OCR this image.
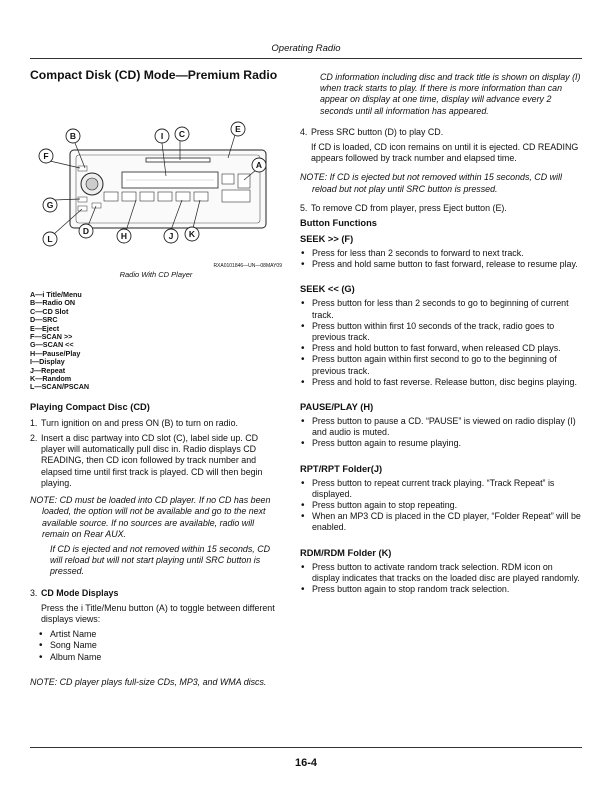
Operating Radio
16-4
Compact Disk (CD) Mode—Premium Radio
B
F
G
L
D	H
I C	E
A
J K
RXA0101846—UN—08MAY09
Radio With CD Player
A—i Title/Menu
B—Radio ON
C—CD Slot
D—SRC
E—Eject
F—SCAN >>
G—SCAN <<
H—Pause/Play
I—Display
J—Repeat
K—Random
L—SCAN/PSCAN
Playing Compact Disc (CD)
1. Turn ignition on and press ON (B) to turn on radio.
2. Insert a disc partway into CD slot (C), label side up. CD player will automatically pull disc in. Radio displays CD READING, then CD icon followed by track number and elapsed time until first track is played. CD will then begin playing.

NOTE: CD must be loaded into CD player. If no CD has been loaded, the option will not be available and go to the next available source. If no sources are available, radio will remain on Rear AUX.

If CD is ejected and not removed within 15 seconds, CD will reload but will not start playing until SRC button is pressed.

3. CD Mode Displays

Press the i Title/Menu button (A) to toggle between different displays views:

• Artist Name
• Song Name
• Album Name

NOTE: CD player plays full-size CDs, MP3, and WMA discs.

CD information including disc and track title is shown on display (I) when track starts to play. If there is more information than can appear on display at one time, display will advance every 2 seconds until all information has appeared.

4. Press SRC button (D) to play CD.

If CD is loaded, CD icon remains on until it is ejected. CD READING appears followed by track number and elapsed time.

NOTE: If CD is ejected but not removed within 15 seconds, CD will reload but not play until SRC button is pressed.

5. To remove CD from player, press Eject button (E).
Button Functions
SEEK >> (F)
• Press for less than 2 seconds to forward to next track.
• Press and hold same button to fast forward, release to resume play.
SEEK << (G)
• Press button for less than 2 seconds to go to beginning of current track.
• Press button within first 10 seconds of the track, radio goes to previous track.
• Press and hold button to fast forward, when released CD plays.
• Press button again within first second to go to the beginning of previous track.
• Press and hold to fast reverse. Release button, disc begins playing.
PAUSE/PLAY (H)
• Press button to pause a CD. “PAUSE” is viewed on radio display (I) and audio is muted.
• Press button again to resume playing.
RPT/RPT Folder(J)
• Press button to repeat current track playing. “Track Repeat” is displayed.
• Press button again to stop repeating.
• When an MP3 CD is placed in the CD player, “Folder Repeat” will be enabled.
RDM/RDM Folder (K)
• Press button to activate random track selection. RDM icon on display indicates that tracks on the loaded disc are played randomly.
• Press button again to stop random track selection.
